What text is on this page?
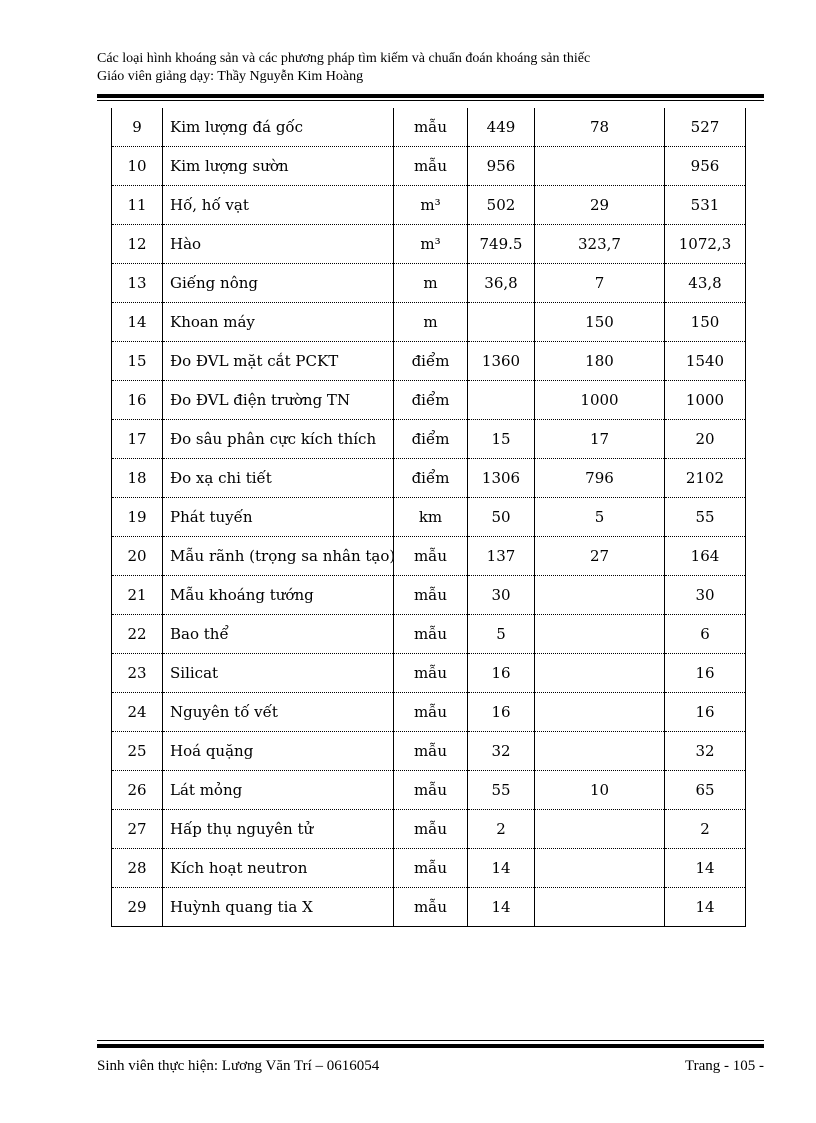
Các loại hình khoáng sản và các phương pháp tìm kiếm và chuẩn đoán khoáng sản thiếc
Giáo viên giảng dạy: Thầy Nguyễn Kim Hoàng
9	Kim lượng đá gốc	mẫu	449	78	527
10	Kim lượng sườn	mẫu	956		956
11	Hố, hố vạt	m³	502	29	531
12	Hào	m³	749.5	323,7	1072,3
13	Giếng nông	m	36,8	7	43,8
14	Khoan máy	m		150	150
15	Đo ĐVL mặt cắt PCKT	điểm	1360	180	1540
16	Đo ĐVL điện trường TN	điểm		1000	1000
17	Đo sâu phân cực kích thích	điểm	15	17	20
18	Đo xạ chi tiết	điểm	1306	796	2102
19	Phát tuyến	km	50	5	55
20	Mẫu rãnh (trọng sa nhân tạo)	mẫu	137	27	164
21	Mẫu khoáng tướng	mẫu	30		30
22	Bao thể	mẫu	5		6
23	Silicat	mẫu	16		16
24	Nguyên tố vết	mẫu	16		16
25	Hoá quặng	mẫu	32		32
26	Lát mỏng	mẫu	55	10	65
27	Hấp thụ nguyên tử	mẫu	2		2
28	Kích hoạt neutron	mẫu	14		14
29	Huỳnh quang tia X	mẫu	14		14
Sinh viên thực hiện: Lương Văn Trí – 0616054	Trang - 105 -
